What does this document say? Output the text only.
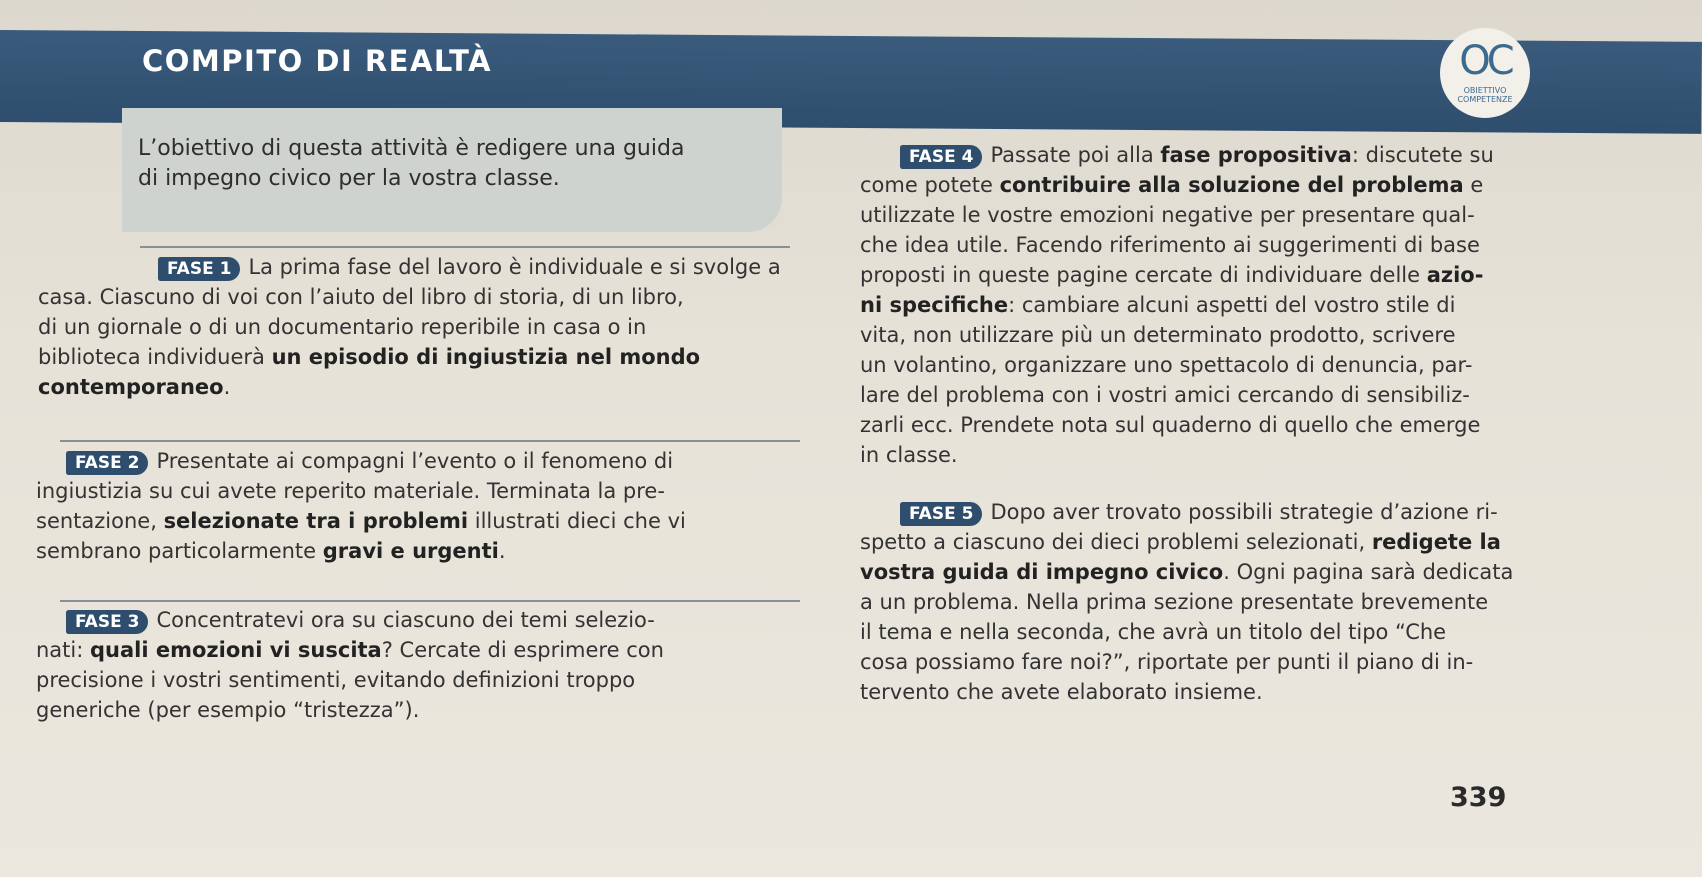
COMPITO DI REALTÀ	OC
OBIETTIVO
COMPETENZE
L’obiettivo di questa attività è redigere una guida
di impegno civico per la vostra classe.
FASE 1 La prima fase del lavoro è individuale e si svolge a
casa. Ciascuno di voi con l’aiuto del libro di storia, di un libro,
di un giornale o di un documentario reperibile in casa o in
biblioteca individuerà un episodio di ingiustizia nel mondo
contemporaneo.
FASE 2 Presentate ai compagni l’evento o il fenomeno di
ingiustizia su cui avete reperito materiale. Terminata la pre-
sentazione, selezionate tra i problemi illustrati dieci che vi
sembrano particolarmente gravi e urgenti.
FASE 3 Concentratevi ora su ciascuno dei temi selezio-
nati: quali emozioni vi suscita? Cercate di esprimere con
precisione i vostri sentimenti, evitando definizioni troppo
generiche (per esempio “tristezza”).
FASE 4 Passate poi alla fase propositiva: discutete su
come potete contribuire alla soluzione del problema e
utilizzate le vostre emozioni negative per presentare qual-
che idea utile. Facendo riferimento ai suggerimenti di base
proposti in queste pagine cercate di individuare delle azio-
ni specifiche: cambiare alcuni aspetti del vostro stile di
vita, non utilizzare più un determinato prodotto, scrivere
un volantino, organizzare uno spettacolo di denuncia, par-
lare del problema con i vostri amici cercando di sensibiliz-
zarli ecc. Prendete nota sul quaderno di quello che emerge
in classe.
FASE 5 Dopo aver trovato possibili strategie d’azione ri-
spetto a ciascuno dei dieci problemi selezionati, redigete la
vostra guida di impegno civico. Ogni pagina sarà dedicata
a un problema. Nella prima sezione presentate brevemente
il tema e nella seconda, che avrà un titolo del tipo “Che
cosa possiamo fare noi?”, riportate per punti il piano di in-
tervento che avete elaborato insieme.
339
